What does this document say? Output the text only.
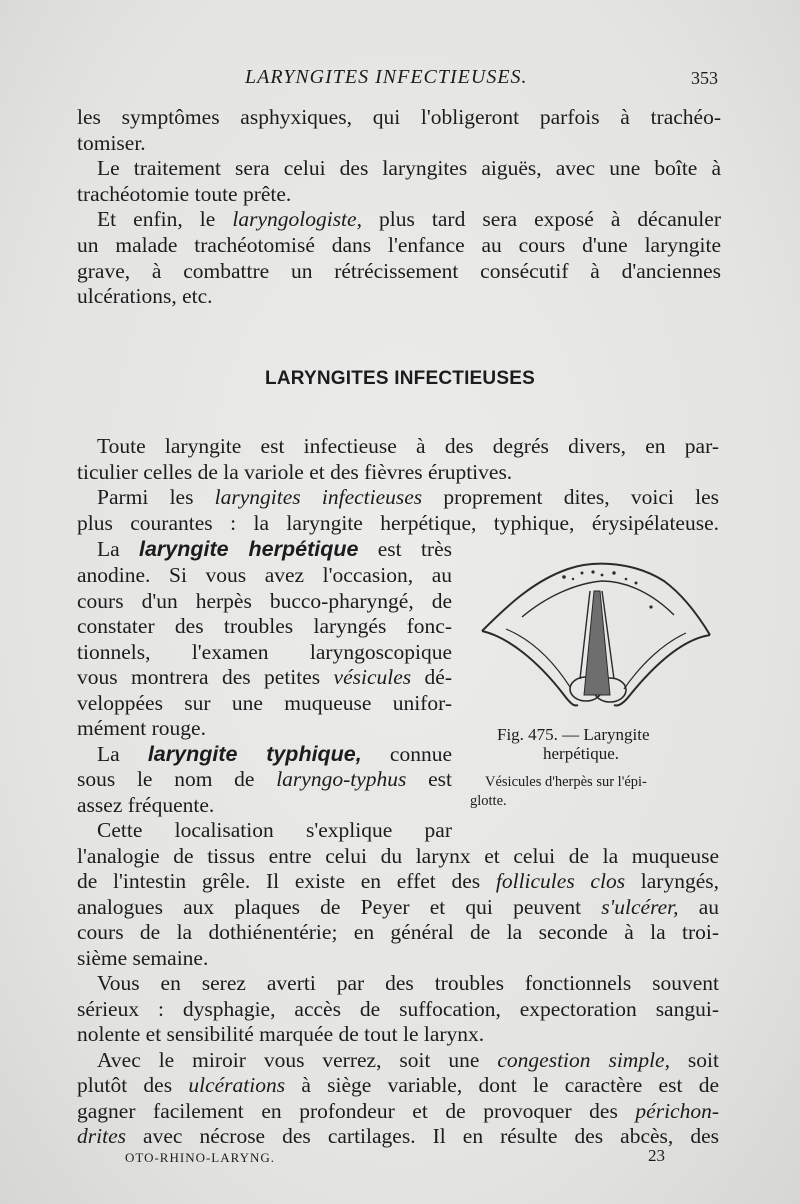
LARYNGITES INFECTIEUSES.	353
les symptômes asphyxiques, qui l'obligeront parfois à trachéo-
tomiser.
Le traitement sera celui des laryngites aiguës, avec une boîte à
trachéotomie toute prête.
Et enfin, le laryngologiste, plus tard sera exposé à décanuler
un malade trachéotomisé dans l'enfance au cours d'une laryngite
grave, à combattre un rétrécissement consécutif à d'anciennes
ulcérations, etc.
LARYNGITES INFECTIEUSES
Toute laryngite est infectieuse à des degrés divers, en par-
ticulier celles de la variole et des fièvres éruptives.
Parmi les laryngites infectieuses proprement dites, voici les
plus courantes : la laryngite herpétique, typhique, érysipélateuse.
La laryngite herpétique est très
anodine. Si vous avez l'occasion, au
cours d'un herpès bucco-pharyngé, de
constater des troubles laryngés fonc-
tionnels, l'examen laryngoscopique
vous montrera des petites vésicules dé-
veloppées sur une muqueuse unifor-
mément rouge.
La laryngite typhique, connue
sous le nom de laryngo-typhus est
assez fréquente.
Cette localisation s'explique par
l'analogie de tissus entre celui du larynx et celui de la muqueuse
de l'intestin grêle. Il existe en effet des follicules clos laryngés,
analogues aux plaques de Peyer et qui peuvent s'ulcérer, au
cours de la dothiénentérie; en général de la seconde à la troi-
sième semaine.
Vous en serez averti par des troubles fonctionnels souvent
sérieux : dysphagie, accès de suffocation, expectoration sangui-
nolente et sensibilité marquée de tout le larynx.
Avec le miroir vous verrez, soit une congestion simple, soit
plutôt des ulcérations à siège variable, dont le caractère est de
gagner facilement en profondeur et de provoquer des périchon-
drites avec nécrose des cartilages. Il en résulte des abcès, des
Fig. 475. — Laryngite
herpétique.
Vésicules d'herpès sur l'épi-
glotte.
OTO-RHINO-LARYNG.	23
